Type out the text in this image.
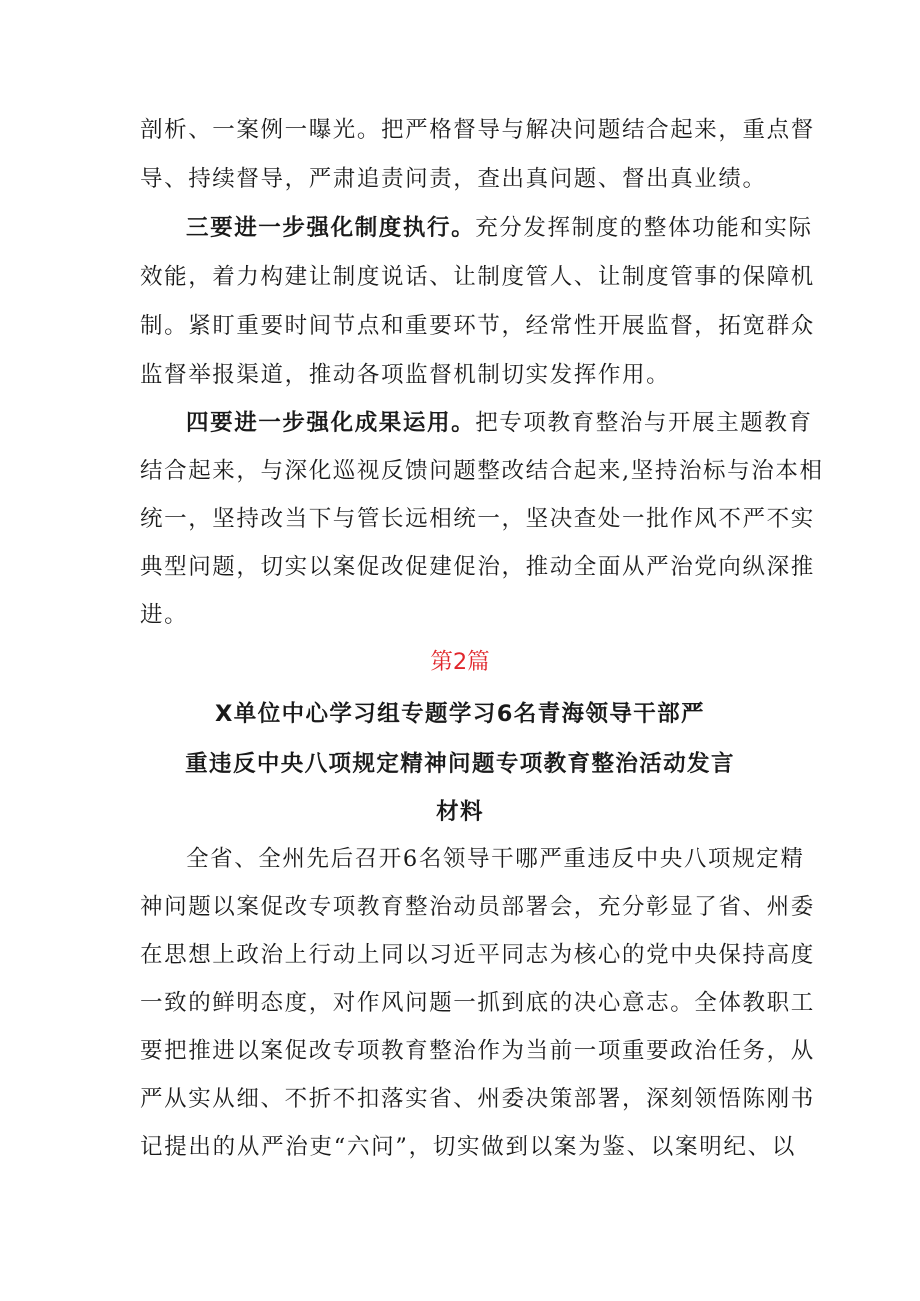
剖析、一案例一曝光。把严格督导与解决问题结合起来，重点督
导、持续督导，严肃追责问责，查出真问题、督出真业绩。
三要进一步强化制度执行。充分发挥制度的整体功能和实际
效能，着力构建让制度说话、让制度管人、让制度管事的保障机
制。紧盯重要时间节点和重要环节，经常性开展监督，拓宽群众
监督举报渠道，推动各项监督机制切实发挥作用。
四要进一步强化成果运用。把专项教育整治与开展主题教育
结合起来，与深化巡视反馈问题整改结合起来,坚持治标与治本相
统一，坚持改当下与管长远相统一，坚决查处一批作风不严不实
典型问题，切实以案促改促建促治，推动全面从严治党向纵深推
进。
第2篇
X单位中心学习组专题学习6名青海领导干部严
重违反中央八项规定精神问题专项教育整治活动发言
材料
全省、全州先后召开6名领导干哪严重违反中央八项规定精
神问题以案促改专项教育整治动员部署会，充分彰显了省、州委
在思想上政治上行动上同以习近平同志为核心的党中央保持高度
一致的鲜明态度，对作风问题一抓到底的决心意志。全体教职工
要把推进以案促改专项教育整治作为当前一项重要政治任务，从
严从实从细、不折不扣落实省、州委决策部署，深刻领悟陈刚书
记提出的从严治吏“六问”，切实做到以案为鉴、以案明纪、以
